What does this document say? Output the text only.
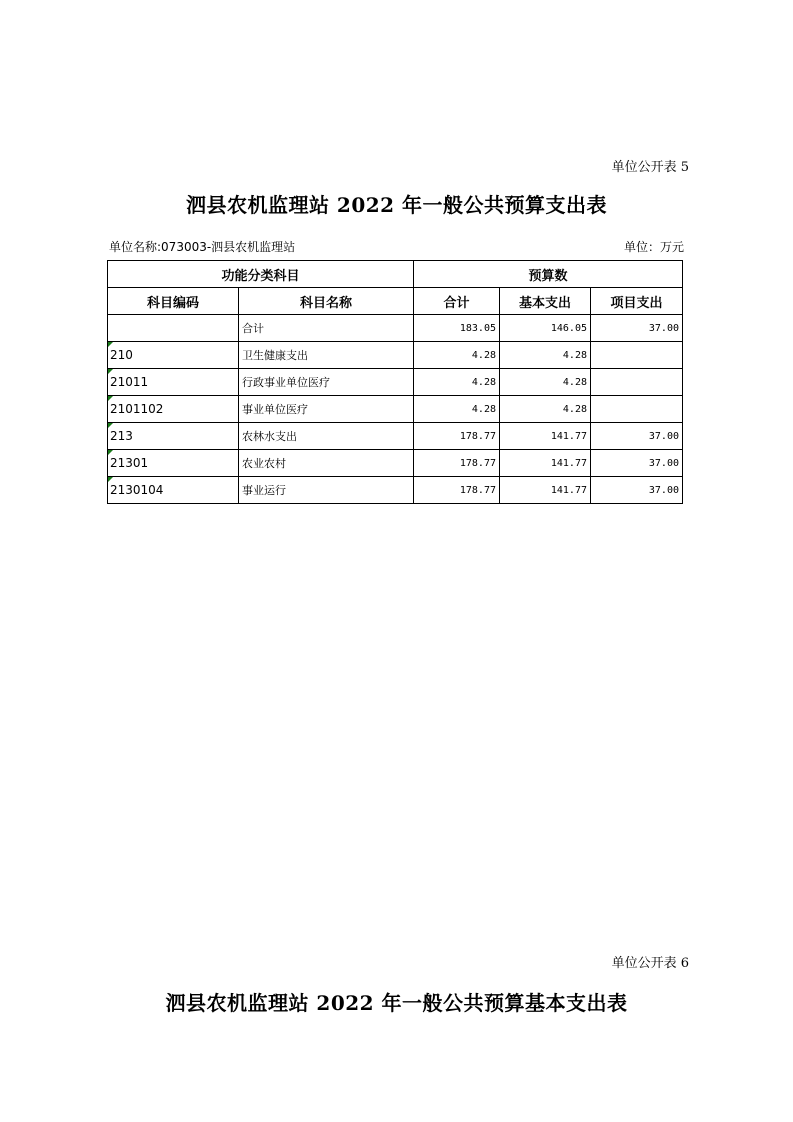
单位公开表 5
泗县农机监理站 2022 年一般公共预算支出表
单位名称:073003-泗县农机监理站	单位：万元
功能分类科目		预算数		
科目编码	科目名称	合计	基本支出	项目支出
	合计	183.05	146.05	37.00

210	卫生健康支出	4.28	4.28	

21011	行政事业单位医疗	4.28	4.28	

2101102	事业单位医疗	4.28	4.28	

213	农林水支出	178.77	141.77	37.00

21301	农业农村	178.77	141.77	37.00

2130104	事业运行	178.77	141.77	37.00
单位公开表 6
泗县农机监理站 2022 年一般公共预算基本支出表
